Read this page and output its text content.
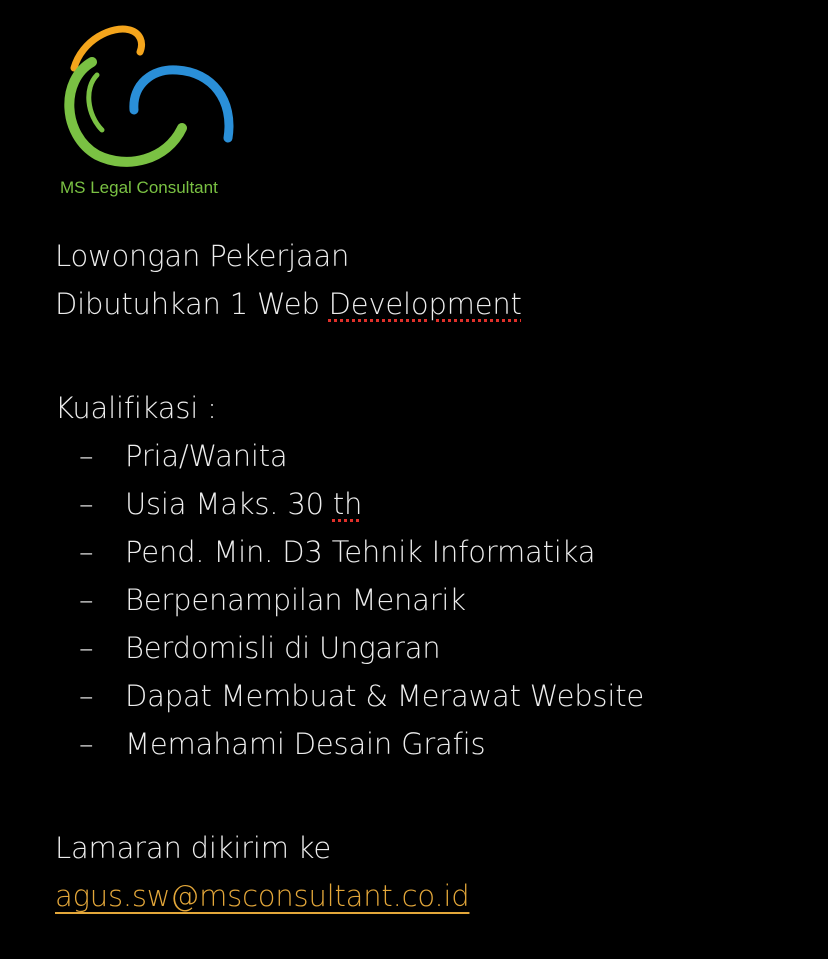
MS Legal Consultant
Lowongan Pekerjaan
Dibutuhkan 1 Web Development
Kualifikasi :
– Pria/Wanita
– Usia Maks. 30 th
– Pend. Min. D3 Tehnik Informatika
– Berpenampilan Menarik
– Berdomisli di Ungaran
– Dapat Membuat & Merawat Website
– Memahami Desain Grafis
Lamaran dikirim ke
agus.sw@msconsultant.co.id
